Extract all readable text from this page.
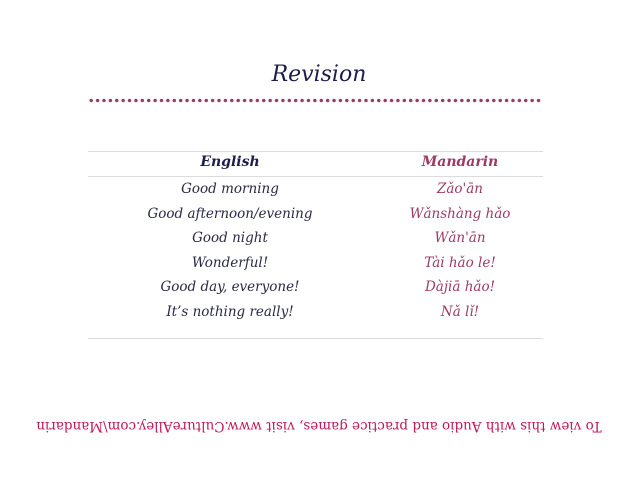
Revision
English	Mandarin
Good morning	Zǎo'ān
Good afternoon/evening	Wǎnshàng hǎo
Good night	Wǎn'ān
Wonderful!	Tài hǎo le!
Good day, everyone!	Dàjiā hǎo!
It’s nothing really!	Nǎ lǐ!
To view this with Audio and practice games, visit www.CultureAlley.com\Mandarin
